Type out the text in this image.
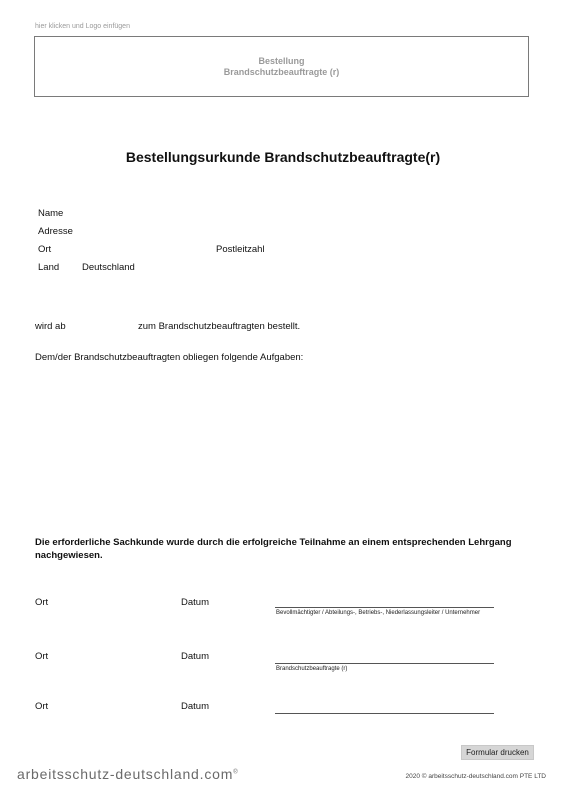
hier klicken und Logo einfügen
Bestellung
Brandschutzbeauftragte (r)
Bestellungsurkunde Brandschutzbeauftragte(r)
Name
Adresse
Ort	Postleitzahl
Land Deutschland
wird ab	zum Brandschutzbeauftragten bestellt.
Dem/der Brandschutzbeauftragten obliegen folgende Aufgaben:
Die erforderliche Sachkunde wurde durch die erfolgreiche Teilnahme an einem entsprechenden Lehrgang nachgewiesen.
Ort	Datum
Bevollmächtigter / Abteilungs-, Betriebs-, Niederlassungsleiter / Unternehmer
Ort	Datum
Brandschutzbeauftragte (r)
Ort	Datum
Formular drucken
arbeitsschutz-deutschland.com®
2020 © arbeitsschutz-deutschland.com PTE LTD
